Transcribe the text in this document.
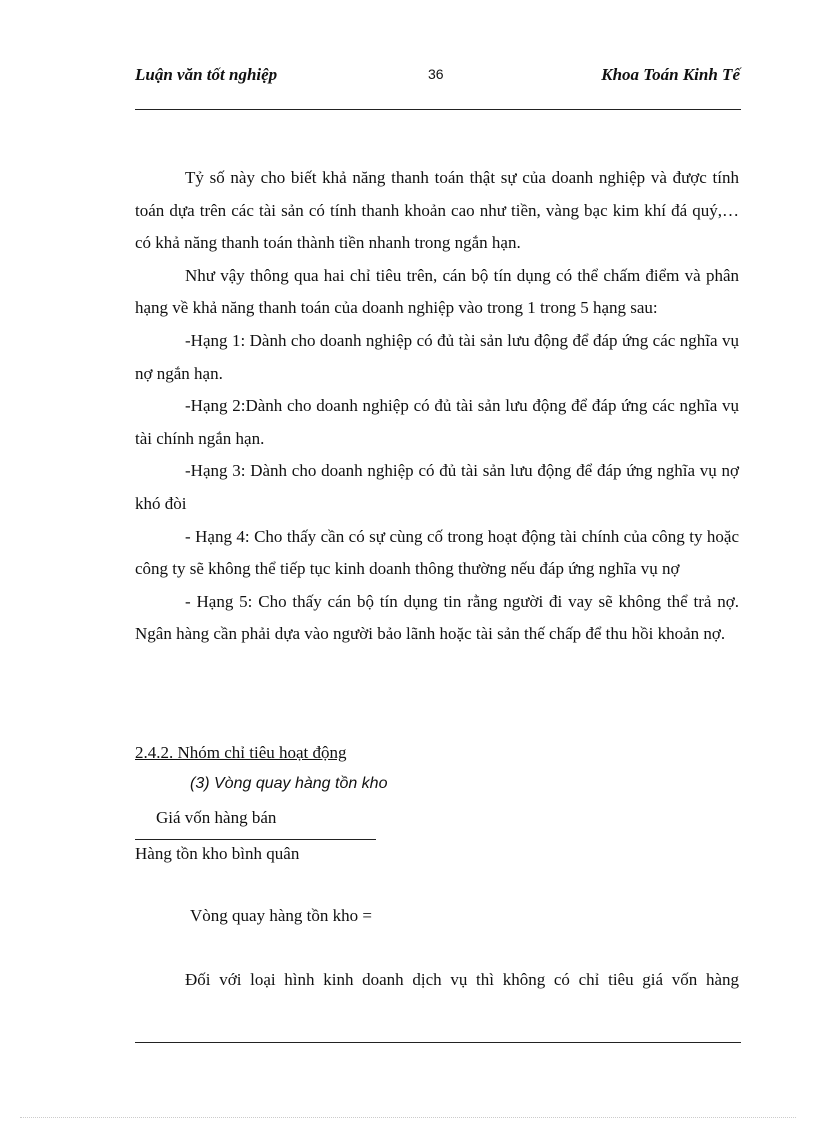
Luận văn tốt nghiệp	36	Khoa Toán Kinh Tế

Tỷ số này cho biết khả năng thanh toán thật sự của doanh nghiệp và được tính toán dựa trên các tài sản có tính thanh khoản cao như tiền, vàng bạc kim khí đá quý,… có khả năng thanh toán thành tiền nhanh trong ngắn hạn.

Như vậy thông qua hai chỉ tiêu trên, cán bộ tín dụng có thể chấm điểm và phân hạng về khả năng thanh toán của doanh nghiệp vào trong 1 trong 5 hạng sau:

-Hạng 1: Dành cho doanh nghiệp có đủ tài sản lưu động để đáp ứng các nghĩa vụ nợ ngắn hạn.

-Hạng 2:Dành cho doanh nghiệp có đủ tài sản lưu động để đáp ứng các nghĩa vụ tài chính ngắn hạn.

-Hạng 3: Dành cho doanh nghiệp có đủ tài sản lưu động để đáp ứng nghĩa vụ nợ khó đòi

- Hạng 4: Cho thấy cần có sự cùng cố trong hoạt động tài chính của công ty hoặc công ty sẽ không thể tiếp tục kinh doanh thông thường nếu đáp ứng nghĩa vụ nợ

- Hạng 5: Cho thấy cán bộ tín dụng tin rằng người đi vay sẽ không thể trả nợ. Ngân hàng cần phải dựa vào người bảo lãnh hoặc tài sản thế chấp để thu hồi khoản nợ.

2.4.2. Nhóm chỉ tiêu hoạt động
(3) Vòng quay hàng tồn kho
Giá vốn hàng bán
Hàng tồn kho bình quân
Vòng quay hàng tồn kho =
Đối với loại hình kinh doanh dịch vụ thì không có chỉ tiêu giá vốn hàng
